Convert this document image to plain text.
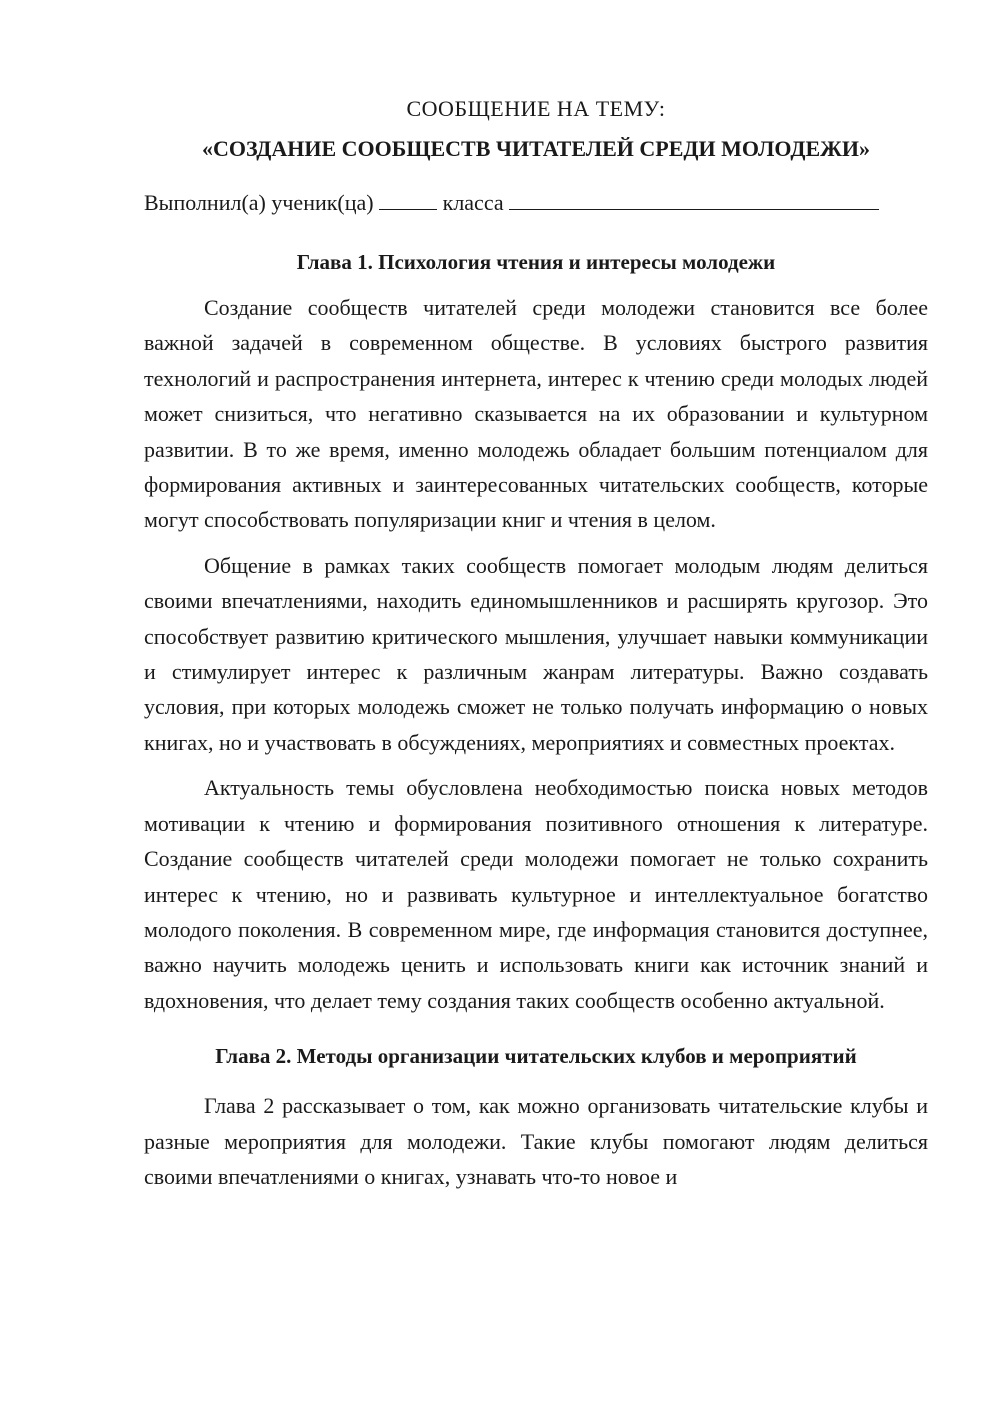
СООБЩЕНИЕ НА ТЕМУ:

«СОЗДАНИЕ СООБЩЕСТВ ЧИТАТЕЛЕЙ СРЕДИ МОЛОДЕЖИ»

Выполнил(а) ученик(ца)	класса
Глава 1. Психология чтения и интересы молодежи

Создание сообществ читателей среди молодежи становится все более важной задачей в современном обществе. В условиях быстрого развития технологий и распространения интернета, интерес к чтению среди молодых людей может снизиться, что негативно сказывается на их образовании и культурном развитии. В то же время, именно молодежь обладает большим потенциалом для формирования активных и заинтересованных читательских сообществ, которые могут способствовать популяризации книг и чтения в целом.

Общение в рамках таких сообществ помогает молодым людям делиться своими впечатлениями, находить единомышленников и расширять кругозор. Это способствует развитию критического мышления, улучшает навыки коммуникации и стимулирует интерес к различным жанрам литературы. Важно создавать условия, при которых молодежь сможет не только получать информацию о новых книгах, но и участвовать в обсуждениях, мероприятиях и совместных проектах.

Актуальность темы обусловлена необходимостью поиска новых методов мотивации к чтению и формирования позитивного отношения к литературе. Создание сообществ читателей среди молодежи помогает не только сохранить интерес к чтению, но и развивать культурное и интеллектуальное богатство молодого поколения. В современном мире, где информация становится доступнее, важно научить молодежь ценить и использовать книги как источник знаний и вдохновения, что делает тему создания таких сообществ особенно актуальной.

Глава 2. Методы организации читательских клубов и мероприятий

Глава 2 рассказывает о том, как можно организовать читательские клубы и разные мероприятия для молодежи. Такие клубы помогают людям делиться своими впечатлениями о книгах, узнавать что-то новое и
